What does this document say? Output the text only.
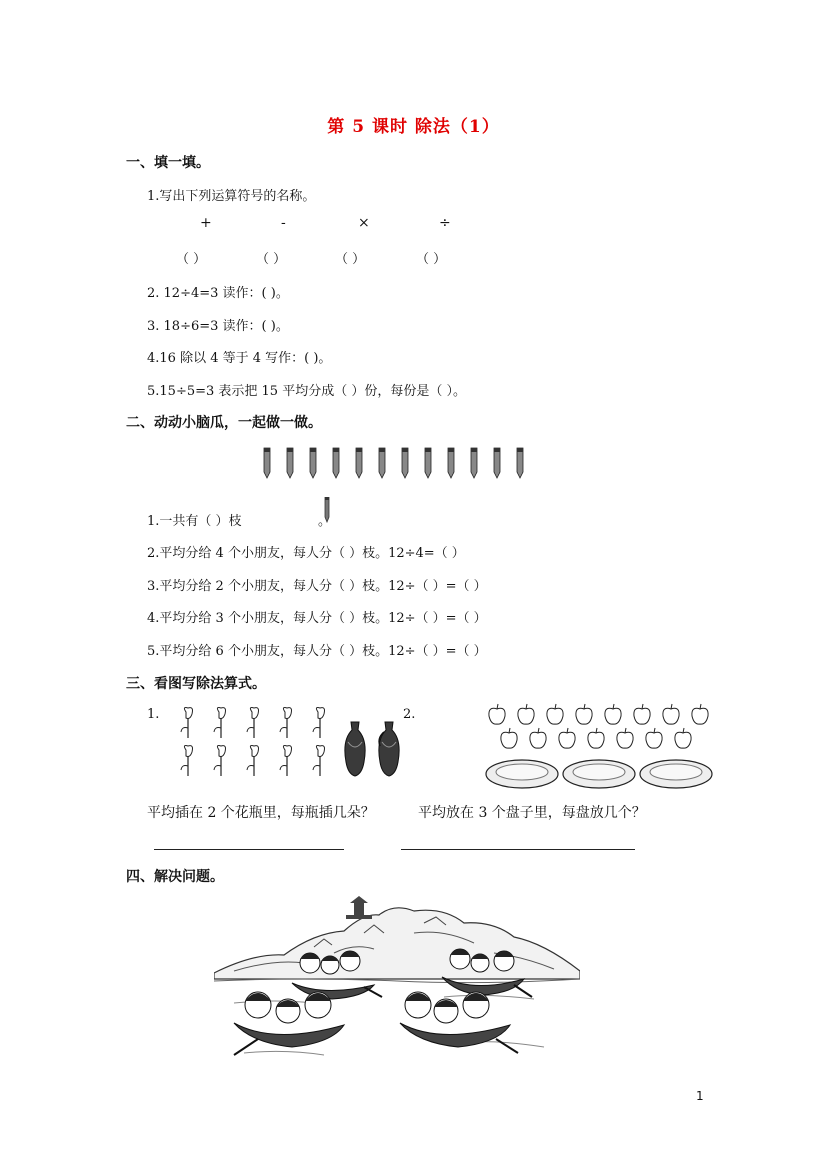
第 5 课时 除法（1）
一、填一填。
1.写出下列运算符号的名称。
+	-	×	÷
（ ）	（ ）	（ ）	（ ）
2. 12÷4=3 读作：( )。
3. 18÷6=3 读作：( )。
4.16 除以 4 等于 4 写作：( )。
5.15÷5=3 表示把 15 平均分成（ ）份，每份是（ ）。
二、动动小脑瓜，一起做一做。
1.一共有（ ）枝	。
2.平均分给 4 个小朋友，每人分（ ）枝。12÷4=（ ）
3.平均分给 2 个小朋友，每人分（ ）枝。12÷（ ）=（ ）
4.平均分给 3 个小朋友，每人分（ ）枝。12÷（ ）=（ ）
5.平均分给 6 个小朋友，每人分（ ）枝。12÷（ ）=（ ）
三、看图写除法算式。
1.	2.
平均插在 2 个花瓶里，每瓶插几朵？	平均放在 3 个盘子里，每盘放几个？
四、解决问题。
1
